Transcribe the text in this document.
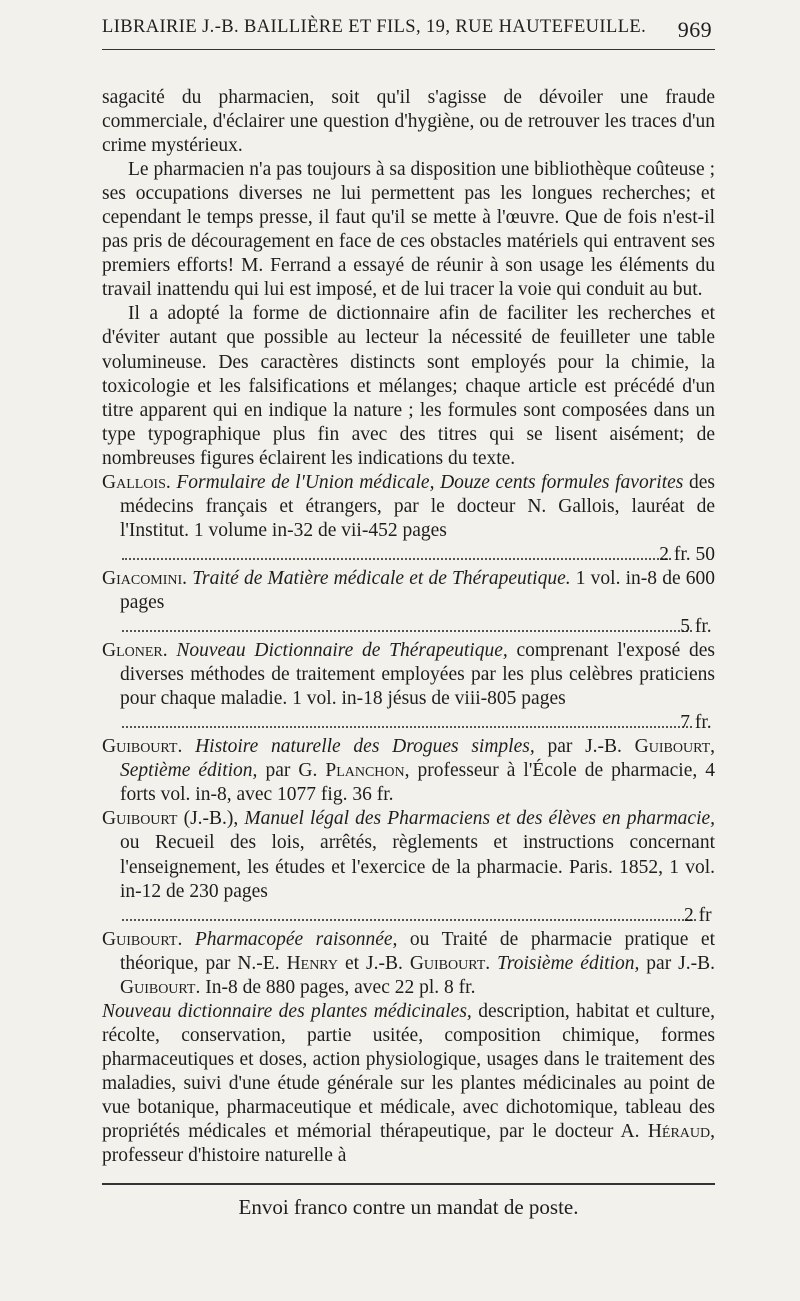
LIBRAIRIE J.-B. BAILLIÈRE ET FILS, 19, RUE HAUTEFEUILLE. 969

sagacité du pharmacien, soit qu'il s'agisse de dévoiler une fraude commerciale, d'éclairer une question d'hygiène, ou de retrouver les traces d'un crime mystérieux.

Le pharmacien n'a pas toujours à sa disposition une bibliothèque coûteuse ; ses occupations diverses ne lui permettent pas les longues recherches; et cependant le temps presse, il faut qu'il se mette à l'œuvre. Que de fois n'est-il pas pris de découragement en face de ces obstacles matériels qui entravent ses premiers efforts! M. Ferrand a essayé de réunir à son usage les éléments du travail inattendu qui lui est imposé, et de lui tracer la voie qui conduit au but.

Il a adopté la forme de dictionnaire afin de faciliter les recherches et d'éviter autant que possible au lecteur la nécessité de feuilleter une table volumineuse. Des caractères distincts sont employés pour la chimie, la toxicologie et les falsifications et mélanges; chaque article est précédé d'un titre apparent qui en indique la nature ; les formules sont composées dans un type typographique plus fin avec des titres qui se lisent aisément; de nombreuses figures éclairent les indications du texte.

Gallois. Formulaire de l'Union médicale, Douze cents formules favorites des médecins français et étrangers, par le docteur N. Gallois, lauréat de l'Institut. 1 volume in-32 de vii-452 pages
2 fr. 50
Giacomini. Traité de Matière médicale et de Thérapeutique. 1 vol. in-8 de 600 pages
5 fr.
Gloner. Nouveau Dictionnaire de Thérapeutique, comprenant l'exposé des diverses méthodes de traitement employées par les plus celèbres praticiens pour chaque maladie. 1 vol. in-18 jésus de viii-805 pages
7 fr.
Guibourt. Histoire naturelle des Drogues simples, par J.-B. Guibourt, Septième édition, par G. Planchon, professeur à l'École de pharmacie, 4 forts vol. in-8, avec 1077 fig. 36 fr.
Guibourt (J.-B.), Manuel légal des Pharmaciens et des élèves en pharmacie, ou Recueil des lois, arrêtés, règlements et instructions concernant l'enseignement, les études et l'exercice de la pharmacie. Paris. 1852, 1 vol. in-12 de 230 pages
2 fr
Guibourt. Pharmacopée raisonnée, ou Traité de pharmacie pratique et théorique, par N.-E. Henry et J.-B. Guibourt. Troisième édition, par J.-B. Guibourt. In-8 de 880 pages, avec 22 pl. 8 fr.
Nouveau dictionnaire des plantes médicinales, description, habitat et culture, récolte, conservation, partie usitée, composition chimique, formes pharmaceutiques et doses, action physiologique, usages dans le traitement des maladies, suivi d'une étude générale sur les plantes médicinales au point de vue botanique, pharmaceutique et médicale, avec dichotomique, tableau des propriétés médicales et mémorial thérapeutique, par le docteur A. Héraud, professeur d'histoire naturelle à
Envoi franco contre un mandat de poste.
